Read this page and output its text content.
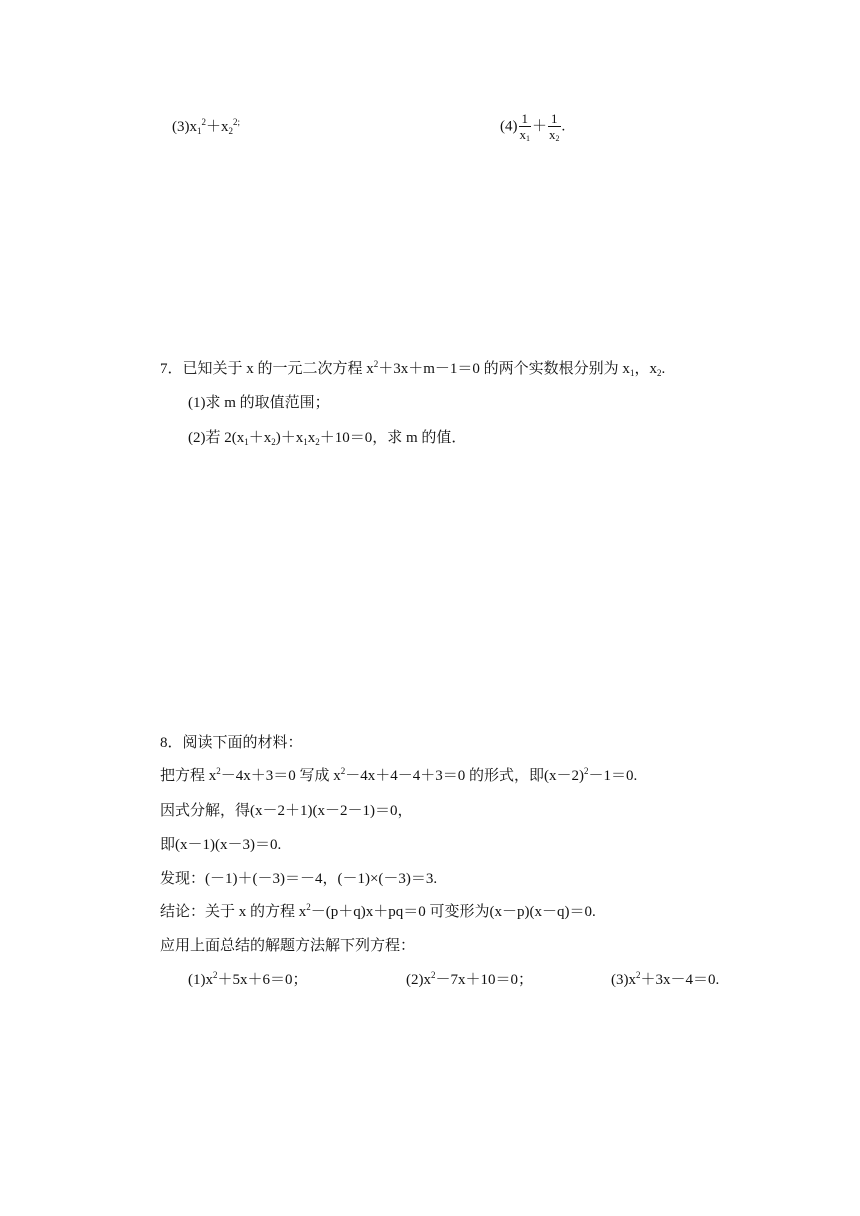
$(3)x_1^2+x_2^{2;}$	$(4) \frac{1}{x_1} + \frac{1}{x_2}$ .
7．已知关于 x 的一元二次方程 $x^2+3x+m-1=0$ 的两个实数根分别为 $x_1$，$x_2$.
(1)求 m 的取值范围；
(2)若 $2(x_1+x_2)+x_1x_2+10=0$，求 m 的值．
8．阅读下面的材料：
把方程 $x^2-4x+3=0$ 写成 $x^2-4x+4-4+3=0$ 的形式，即$(x-2)^2-1=0$.
因式分解，得(x－2＋1)(x－2－1)＝0，
即(x－1)(x－3)＝0.
发现：(－1)＋(－3)＝－4，(－1)×(－3)＝3.
结论：关于 x 的方程 $x^2-(p+q)x+pq=0$ 可变形为(x－p)(x－q)＝0.
应用上面总结的解题方法解下列方程：
$(1)x^2+5x+6=0$；	$(2)x^2-7x+10=0$；	$(3)x^2+3x-4=0$.
